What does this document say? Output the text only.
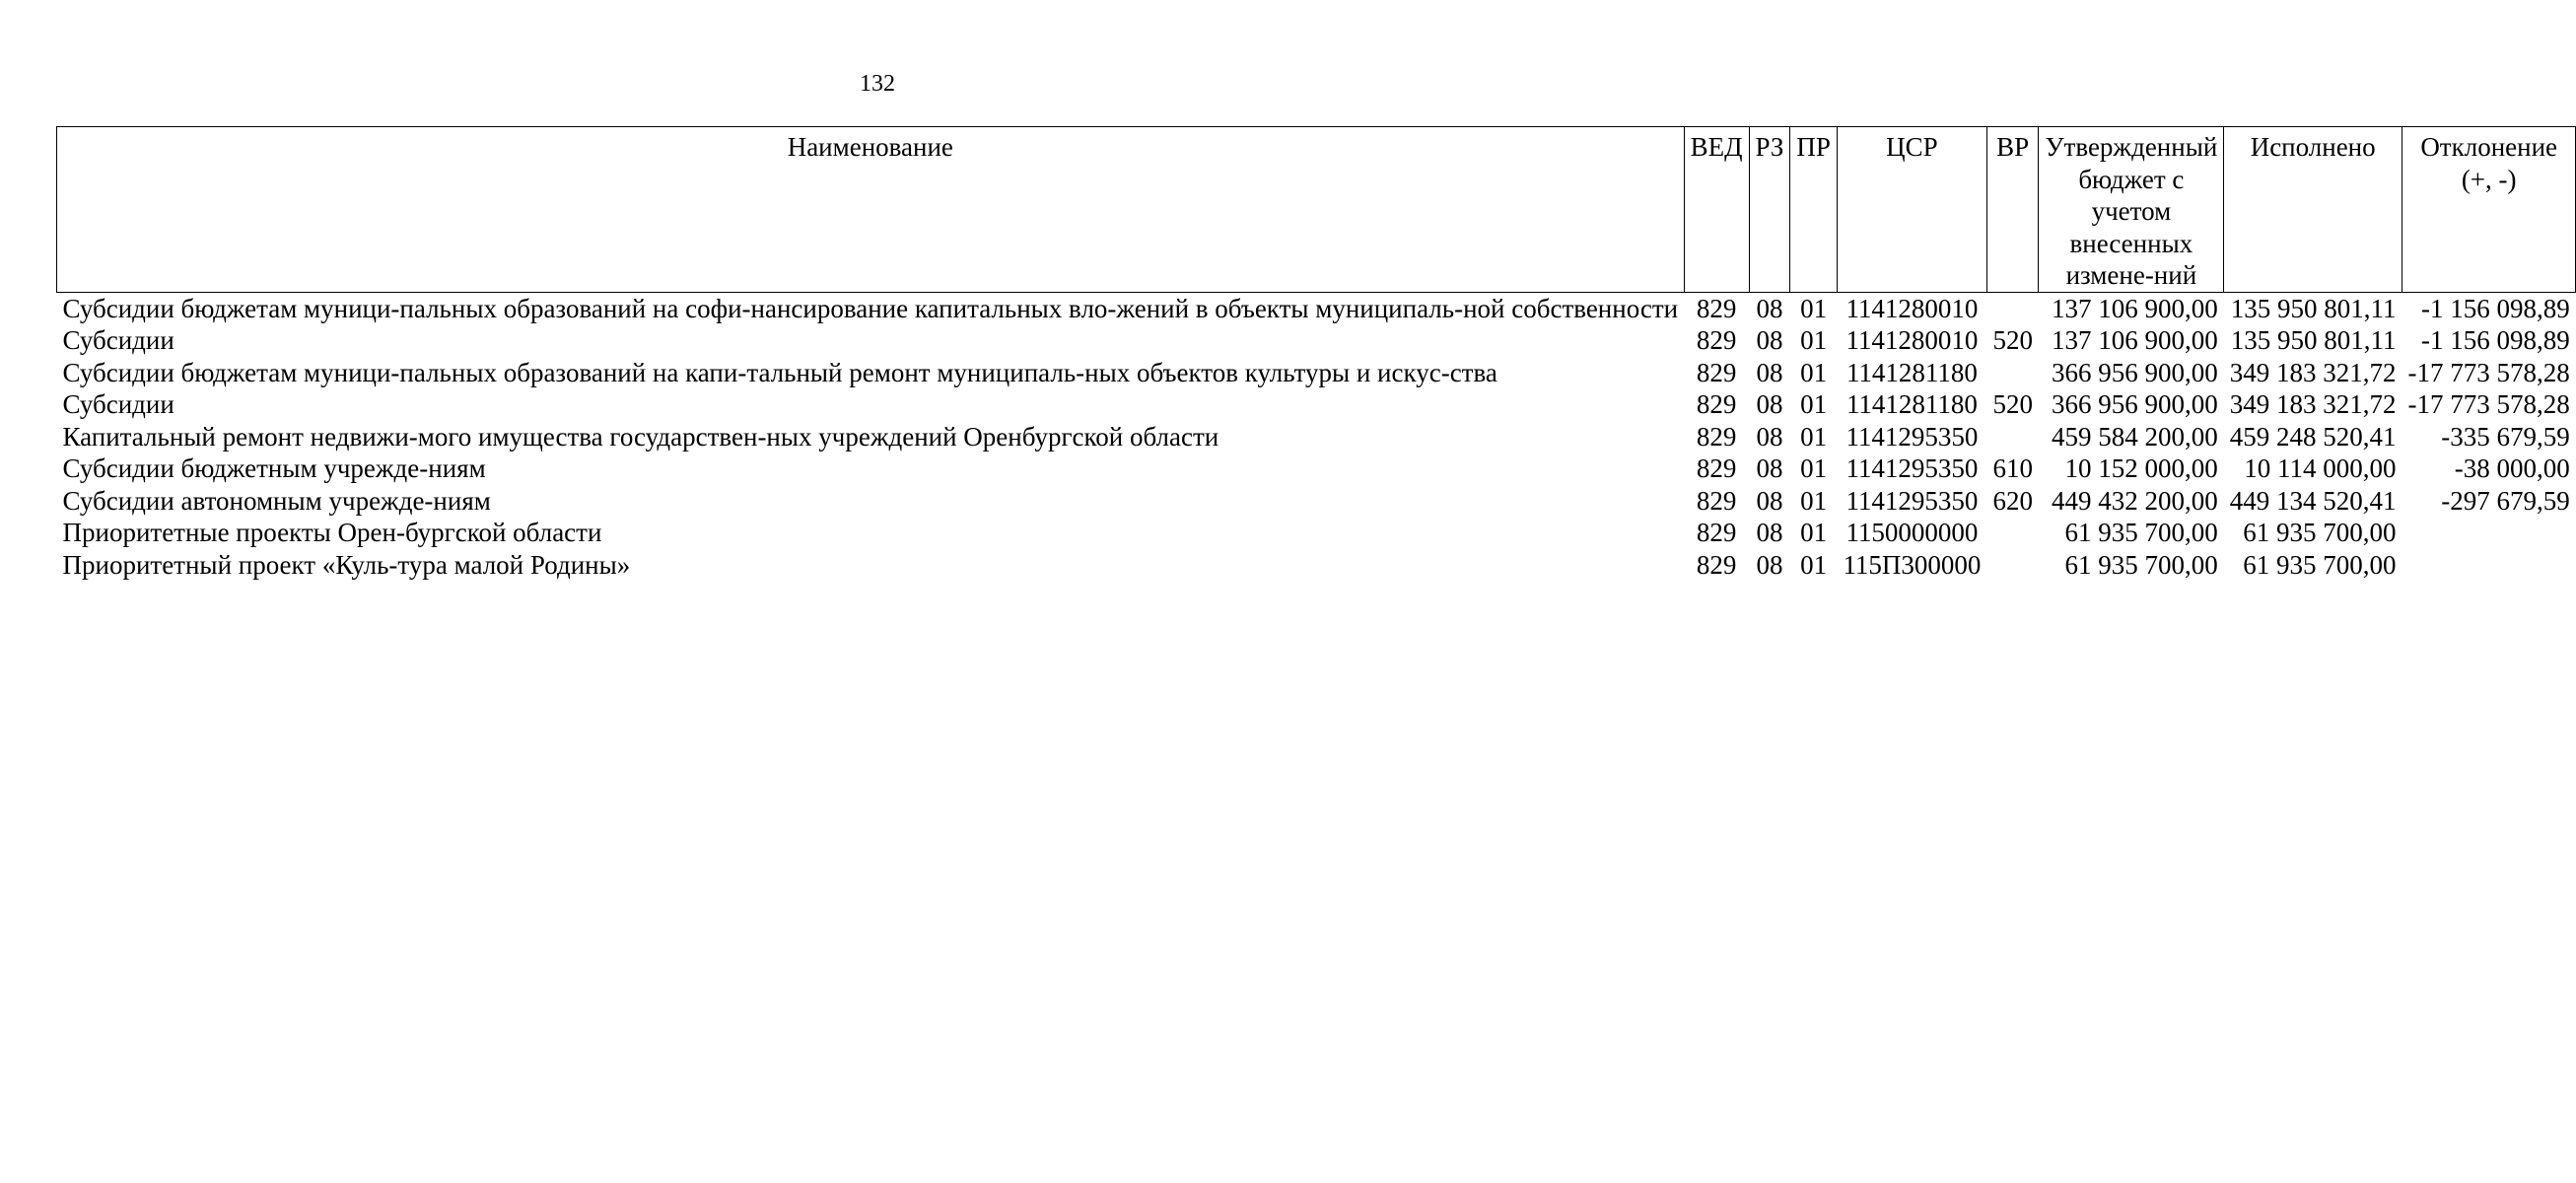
132
Наименование	ВЕД	РЗ	ПР	ЦСР	ВР	Утвержденный бюджет с учетом внесенных измене-ний	Исполнено	Отклонение (+, -)
Субсидии бюджетам муници-пальных образований на софи-нансирование капитальных вло-жений в объекты муниципаль-ной собственности	829	08	01	1141280010		137 106 900,00	135 950 801,11	-1 156 098,89
Субсидии	829	08	01	1141280010	520	137 106 900,00	135 950 801,11	-1 156 098,89
Субсидии бюджетам муници-пальных образований на капи-тальный ремонт муниципаль-ных объектов культуры и искус-ства	829	08	01	1141281180		366 956 900,00	349 183 321,72	-17 773 578,28
Субсидии	829	08	01	1141281180	520	366 956 900,00	349 183 321,72	-17 773 578,28
Капитальный ремонт недвижи-мого имущества государствен-ных учреждений Оренбургской области	829	08	01	1141295350		459 584 200,00	459 248 520,41	-335 679,59
Субсидии бюджетным учрежде-ниям	829	08	01	1141295350	610	10 152 000,00	10 114 000,00	-38 000,00
Субсидии автономным учрежде-ниям	829	08	01	1141295350	620	449 432 200,00	449 134 520,41	-297 679,59
Приоритетные проекты Орен-бургской области	829	08	01	1150000000		61 935 700,00	61 935 700,00	
Приоритетный проект «Куль-тура малой Родины»	829	08	01	115П300000		61 935 700,00	61 935 700,00	
